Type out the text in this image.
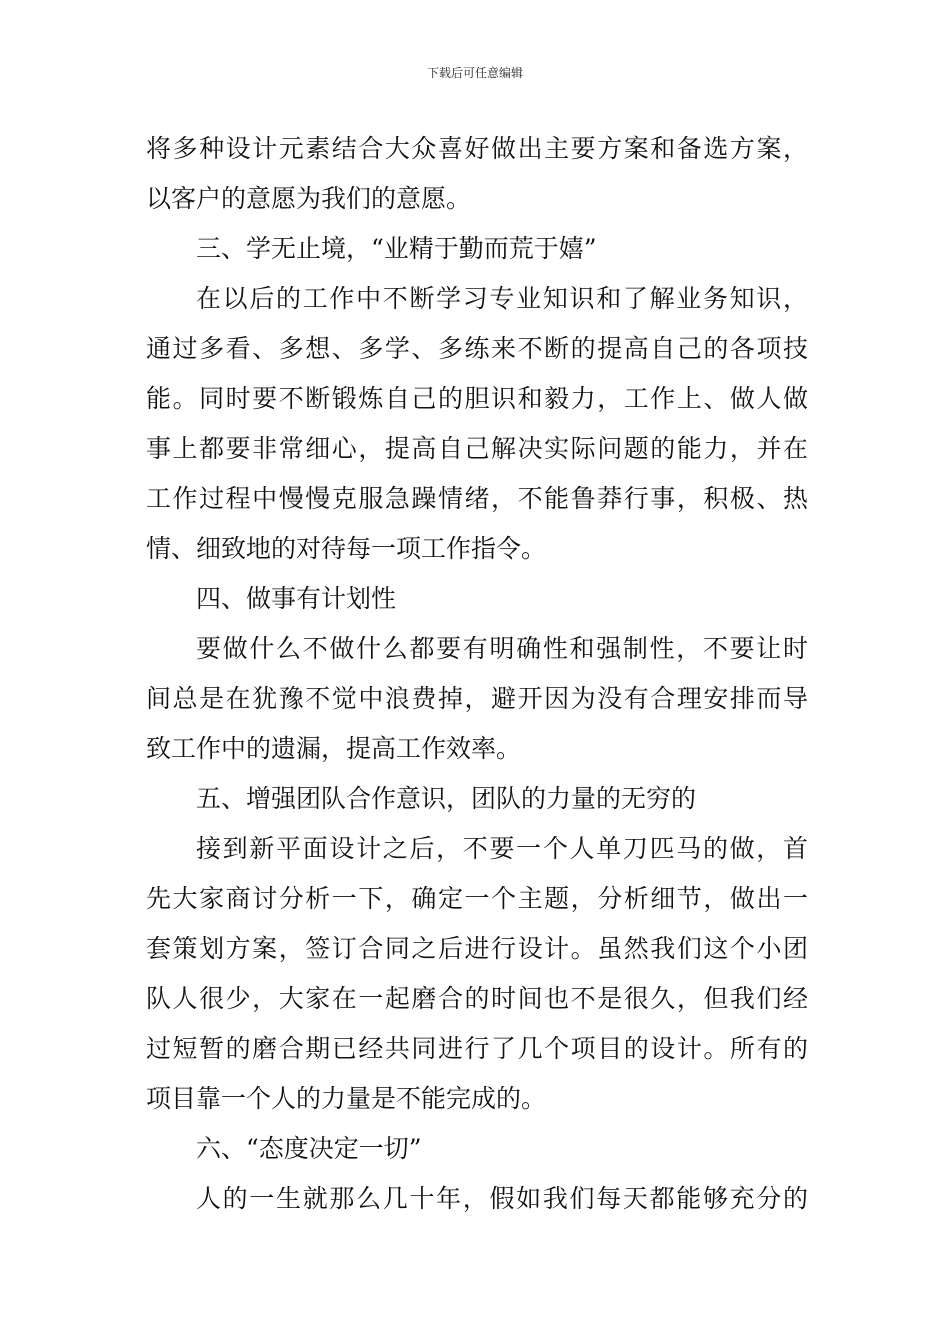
下载后可任意编辑
将多种设计元素结合大众喜好做出主要方案和备选方案，
以客户的意愿为我们的意愿。
三、学无止境，“业精于勤而荒于嬉”
在以后的工作中不断学习专业知识和了解业务知识，
通过多看、多想、多学、多练来不断的提高自己的各项技
能。同时要不断锻炼自己的胆识和毅力，工作上、做人做
事上都要非常细心，提高自己解决实际问题的能力，并在
工作过程中慢慢克服急躁情绪，不能鲁莽行事，积极、热
情、细致地的对待每一项工作指令。
四、做事有计划性
要做什么不做什么都要有明确性和强制性，不要让时
间总是在犹豫不觉中浪费掉，避开因为没有合理安排而导
致工作中的遗漏，提高工作效率。
五、增强团队合作意识，团队的力量的无穷的
接到新平面设计之后，不要一个人单刀匹马的做，首
先大家商讨分析一下，确定一个主题，分析细节，做出一
套策划方案，签订合同之后进行设计。虽然我们这个小团
队人很少，大家在一起磨合的时间也不是很久，但我们经
过短暂的磨合期已经共同进行了几个项目的设计。所有的
项目靠一个人的力量是不能完成的。
六、“态度决定一切”
人的一生就那么几十年，假如我们每天都能够充分的
